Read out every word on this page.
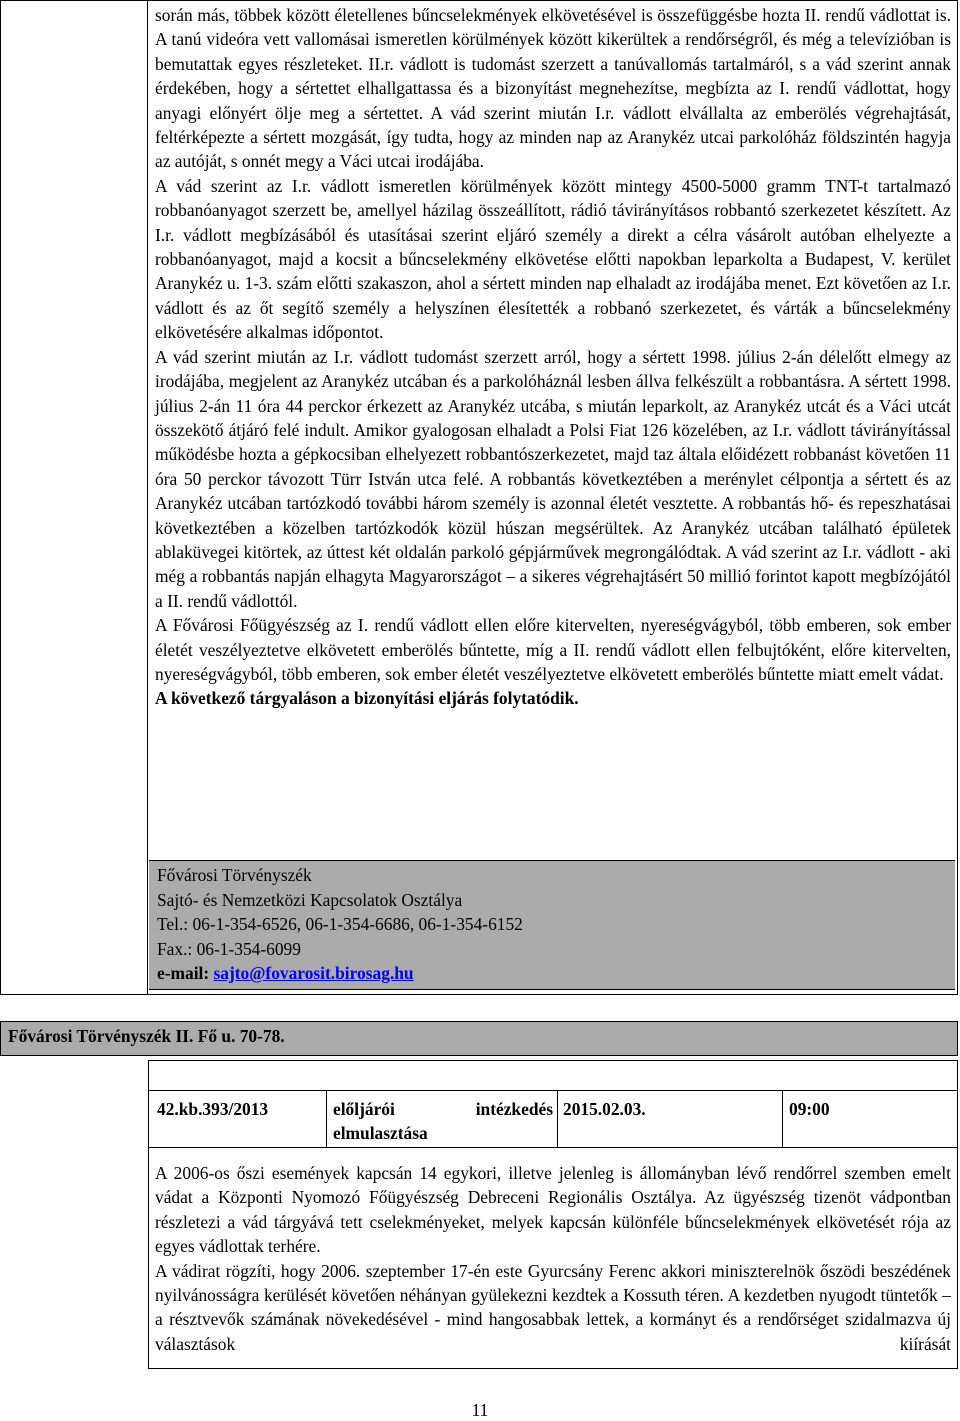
során más, többek között életellenes bűncselekmények elkövetésével is összefüggésbe hozta II. rendű vádlottat is. A tanú videóra vett vallomásai ismeretlen körülmények között kikerültek a rendőrségről, és még a televízióban is bemutattak egyes részleteket. II.r. vádlott is tudomást szerzett a tanúvallomás tartalmáról, s a vád szerint annak érdekében, hogy a sértettet elhallgattassa és a bizonyítást megnehezítse, megbízta az I. rendű vádlottat, hogy anyagi előnyért ölje meg a sértettet. A vád szerint miután I.r. vádlott elvállalta az emberölés végrehajtását, feltérképezte a sértett mozgását, így tudta, hogy az minden nap az Aranykéz utcai parkolóház földszintén hagyja az autóját, s onnét megy a Váci utcai irodájába.

A vád szerint az I.r. vádlott ismeretlen körülmények között mintegy 4500-5000 gramm TNT-t tartalmazó robbanóanyagot szerzett be, amellyel házilag összeállított, rádió távirányításos robbantó szerkezetet készített. Az I.r. vádlott megbízásából és utasításai szerint eljáró személy a direkt a célra vásárolt autóban elhelyezte a robbanóanyagot, majd a kocsit a bűncselekmény elkövetése előtti napokban leparkolta a Budapest, V. kerület Aranykéz u. 1-3. szám előtti szakaszon, ahol a sértett minden nap elhaladt az irodájába menet. Ezt követően az I.r. vádlott és az őt segítő személy a helyszínen élesítették a robbanó szerkezetet, és várták a bűncselekmény elkövetésére alkalmas időpontot.

A vád szerint miután az I.r. vádlott tudomást szerzett arról, hogy a sértett 1998. július 2-án délelőtt elmegy az irodájába, megjelent az Aranykéz utcában és a parkolóháznál lesben állva felkészült a robbantásra. A sértett 1998. július 2-án 11 óra 44 perckor érkezett az Aranykéz utcába, s miután leparkolt, az Aranykéz utcát és a Váci utcát összekötő átjáró felé indult. Amikor gyalogosan elhaladt a Polsi Fiat 126 közelében, az I.r. vádlott távirányítással működésbe hozta a gépkocsiban elhelyezett robbantószerkezetet, majd taz általa előidézett robbanást követően 11 óra 50 perckor távozott Türr István utca felé. A robbantás következtében a merénylet célpontja a sértett és az Aranykéz utcában tartózkodó további három személy is azonnal életét vesztette. A robbantás hő- és repeszhatásai következtében a közelben tartózkodók közül húszan megsérültek. Az Aranykéz utcában található épületek ablaküvegei kitörtek, az úttest két oldalán parkoló gépjárművek megrongálódtak. A vád szerint az I.r. vádlott - aki még a robbantás napján elhagyta Magyarországot – a sikeres végrehajtásért 50 millió forintot kapott megbízójától a II. rendű vádlottól.

A Fővárosi Főügyészség az I. rendű vádlott ellen előre kitervelten, nyereségvágyból, több emberen, sok ember életét veszélyeztetve elkövetett emberölés bűntette, míg a II. rendű vádlott ellen felbujtóként, előre kitervelten, nyereségvágyból, több emberen, sok ember életét veszélyeztetve elkövetett emberölés bűntette miatt emelt vádat.

A következő tárgyaláson a bizonyítási eljárás folytatódik.

Fővárosi Törvényszék
Sajtó- és Nemzetközi Kapcsolatok Osztálya
Tel.: 06-1-354-6526, 06-1-354-6686, 06-1-354-6152
Fax.: 06-1-354-6099
e-mail: sajto@fovarosit.birosag.hu
Fővárosi Törvényszék II. Fő u. 70-78.
42.kb.393/2013	előljárói intézkedés
elmulasztása
2015.02.03.	09:00

A 2006-os őszi események kapcsán 14 egykori, illetve jelenleg is állományban lévő rendőrrel szemben emelt vádat a Központi Nyomozó Főügyészség Debreceni Regionális Osztálya. Az ügyészség tizenöt vádpontban részletezi a vád tárgyává tett cselekményeket, melyek kapcsán különféle bűncselekmények elkövetését rója az egyes vádlottak terhére.

A vádirat rögzíti, hogy 2006. szeptember 17-én este Gyurcsány Ferenc akkori miniszterelnök őszödi beszédének nyilvánosságra kerülését követően néhányan gyülekezni kezdtek a Kossuth téren. A kezdetben nyugodt tüntetők – a résztvevők számának növekedésével - mind hangosabbak lettek, a kormányt és a rendőrséget szidalmazva új választások kiírását

11
